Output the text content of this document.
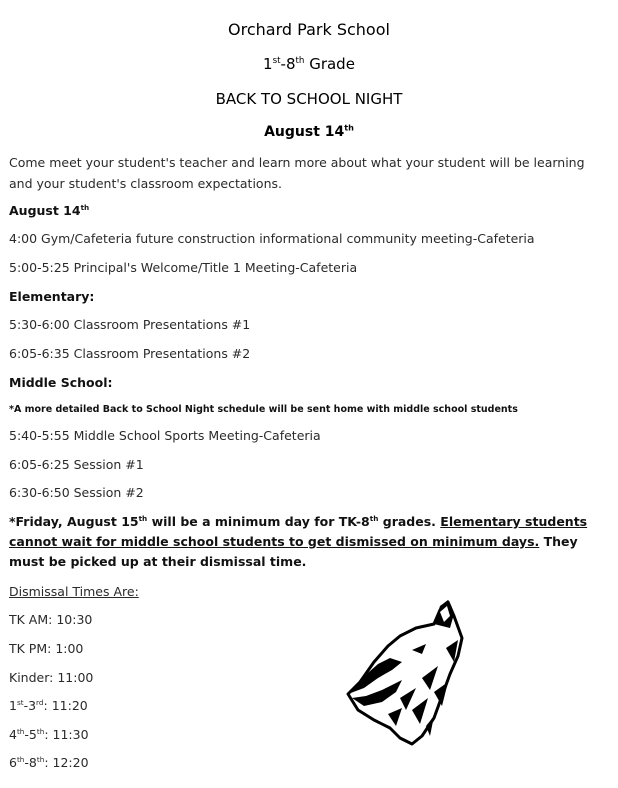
Orchard Park School
1st-8th Grade
BACK TO SCHOOL NIGHT
August 14th
Come meet your student's teacher and learn more about what your student will be learning and your student's classroom expectations.
August 14th
4:00 Gym/Cafeteria future construction informational community meeting-Cafeteria
5:00-5:25 Principal's Welcome/Title 1 Meeting-Cafeteria
Elementary:
5:30-6:00 Classroom Presentations #1
6:05-6:35 Classroom Presentations #2
Middle School:
*A more detailed Back to School Night schedule will be sent home with middle school students
5:40-5:55 Middle School Sports Meeting-Cafeteria
6:05-6:25 Session #1
6:30-6:50 Session #2
*Friday, August 15th will be a minimum day for TK-8th grades. Elementary students cannot wait for middle school students to get dismissed on minimum days. They must be picked up at their dismissal time.
Dismissal Times Are:
TK AM: 10:30
TK PM: 1:00
Kinder: 11:00
1st-3rd: 11:20
4th-5th: 11:30
6th-8th: 12:20
